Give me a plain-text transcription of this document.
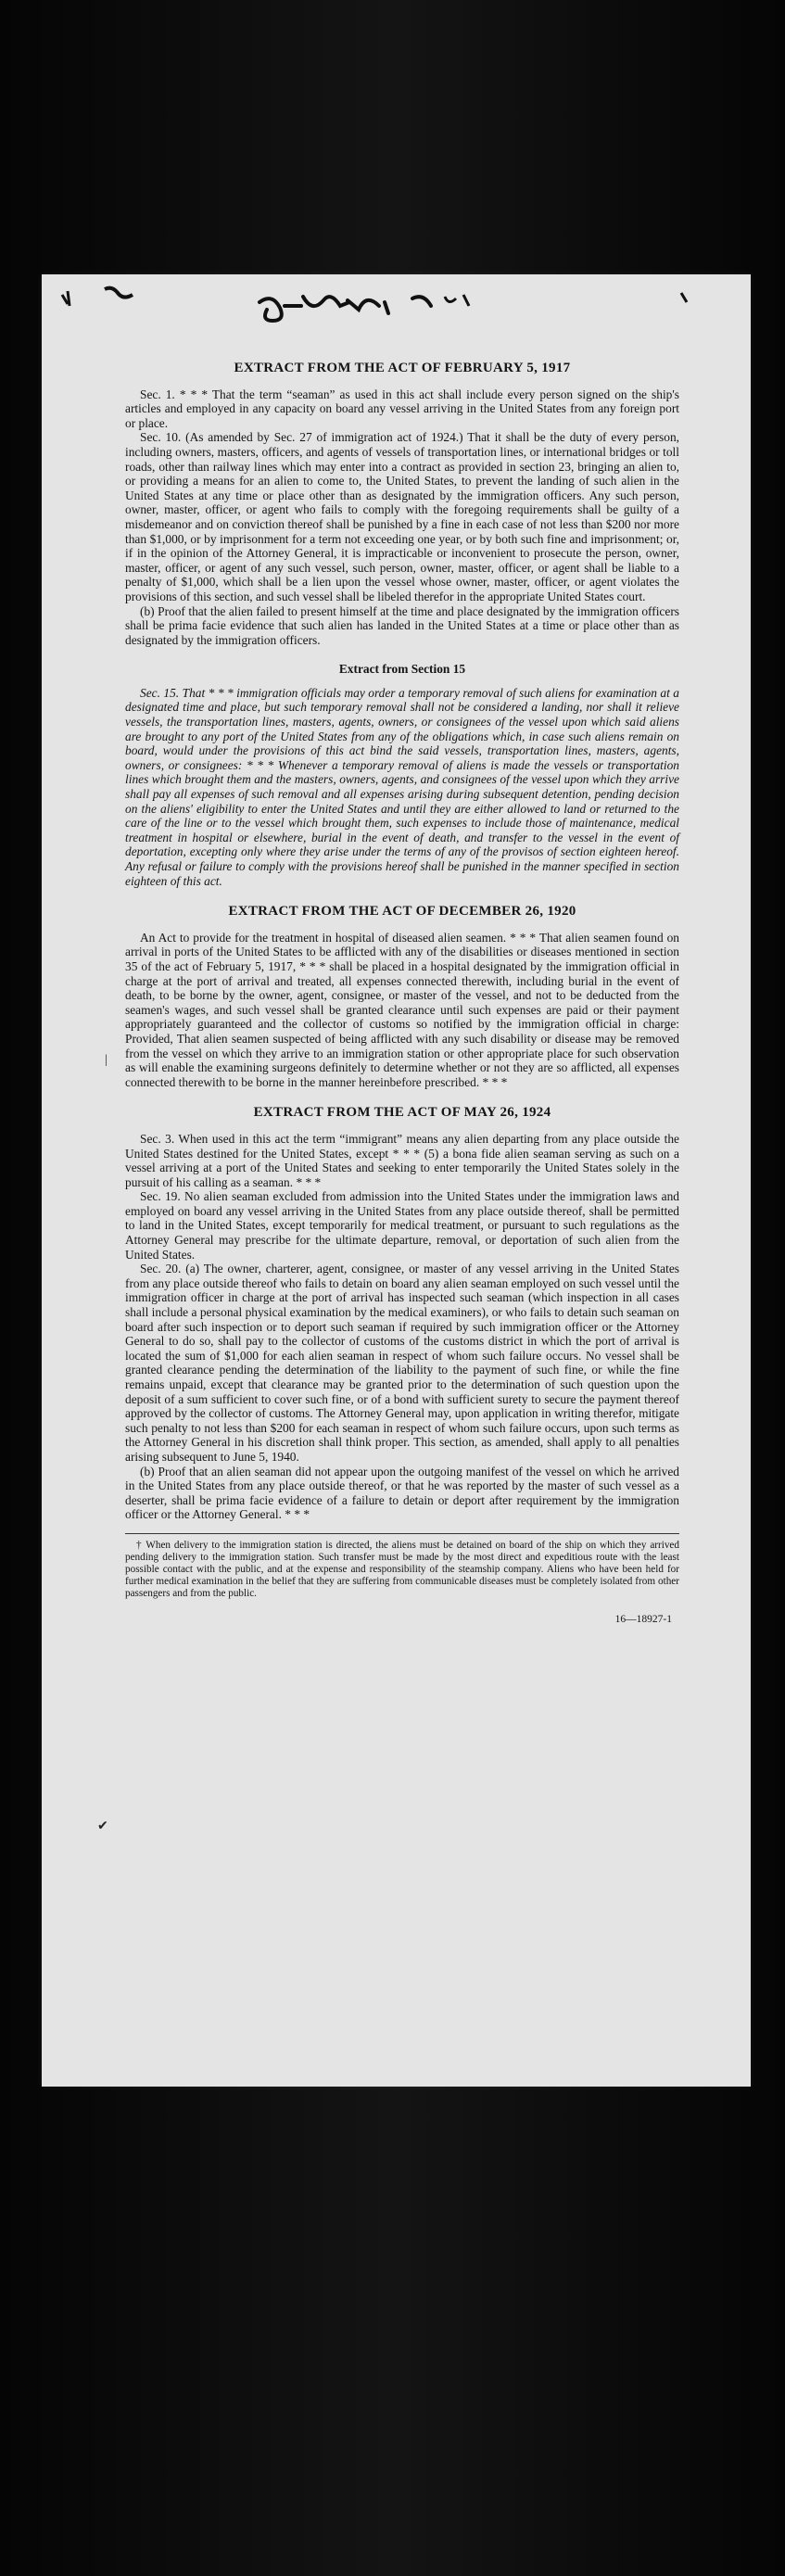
|
✔
EXTRACT FROM THE ACT OF FEBRUARY 5, 1917

Sec. 1. * * * That the term “seaman” as used in this act shall include every person signed on the ship's articles and employed in any capacity on board any vessel arriving in the United States from any foreign port or place.

Sec. 10. (As amended by Sec. 27 of immigration act of 1924.) That it shall be the duty of every person, including owners, masters, officers, and agents of vessels of transportation lines, or international bridges or toll roads, other than railway lines which may enter into a contract as provided in section 23, bringing an alien to, or providing a means for an alien to come to, the United States, to prevent the landing of such alien in the United States at any time or place other than as designated by the immigration officers. Any such person, owner, master, officer, or agent who fails to comply with the foregoing requirements shall be guilty of a misdemeanor and on conviction thereof shall be punished by a fine in each case of not less than $200 nor more than $1,000, or by imprisonment for a term not exceeding one year, or by both such fine and imprisonment; or, if in the opinion of the Attorney General, it is impracticable or inconvenient to prosecute the person, owner, master, officer, or agent of any such vessel, such person, owner, master, officer, or agent shall be liable to a penalty of $1,000, which shall be a lien upon the vessel whose owner, master, officer, or agent violates the provisions of this section, and such vessel shall be libeled therefor in the appropriate United States court.

(b) Proof that the alien failed to present himself at the time and place designated by the immigration officers shall be prima facie evidence that such alien has landed in the United States at a time or place other than as designated by the immigration officers.

Extract from Section 15

Sec. 15. That * * * immigration officials may order a temporary removal of such aliens for examination at a designated time and place, but such temporary removal shall not be considered a landing, nor shall it relieve vessels, the transportation lines, masters, agents, owners, or consignees of the vessel upon which said aliens are brought to any port of the United States from any of the obligations which, in case such aliens remain on board, would under the provisions of this act bind the said vessels, transportation lines, masters, agents, owners, or consignees: * * * Whenever a temporary removal of aliens is made the vessels or transportation lines which brought them and the masters, owners, agents, and consignees of the vessel upon which they arrive shall pay all expenses of such removal and all expenses arising during subsequent detention, pending decision on the aliens' eligibility to enter the United States and until they are either allowed to land or returned to the care of the line or to the vessel which brought them, such expenses to include those of maintenance, medical treatment in hospital or elsewhere, burial in the event of death, and transfer to the vessel in the event of deportation, excepting only where they arise under the terms of any of the provisos of section eighteen hereof. Any refusal or failure to comply with the provisions hereof shall be punished in the manner specified in section eighteen of this act.

EXTRACT FROM THE ACT OF DECEMBER 26, 1920

An Act to provide for the treatment in hospital of diseased alien seamen. * * * That alien seamen found on arrival in ports of the United States to be afflicted with any of the disabilities or diseases mentioned in section 35 of the act of February 5, 1917, * * * shall be placed in a hospital designated by the immigration official in charge at the port of arrival and treated, all expenses connected therewith, including burial in the event of death, to be borne by the owner, agent, consignee, or master of the vessel, and not to be deducted from the seamen's wages, and such vessel shall be granted clearance until such expenses are paid or their payment appropriately guaranteed and the collector of customs so notified by the immigration official in charge: Provided, That alien seamen suspected of being afflicted with any such disability or disease may be removed from the vessel on which they arrive to an immigration station or other appropriate place for such observation as will enable the examining surgeons definitely to determine whether or not they are so afflicted, all expenses connected therewith to be borne in the manner hereinbefore prescribed. * * *

EXTRACT FROM THE ACT OF MAY 26, 1924

Sec. 3. When used in this act the term “immigrant” means any alien departing from any place outside the United States destined for the United States, except * * * (5) a bona fide alien seaman serving as such on a vessel arriving at a port of the United States and seeking to enter temporarily the United States solely in the pursuit of his calling as a seaman. * * *

Sec. 19. No alien seaman excluded from admission into the United States under the immigration laws and employed on board any vessel arriving in the United States from any place outside thereof, shall be permitted to land in the United States, except temporarily for medical treatment, or pursuant to such regulations as the Attorney General may prescribe for the ultimate departure, removal, or deportation of such alien from the United States.

Sec. 20. (a) The owner, charterer, agent, consignee, or master of any vessel arriving in the United States from any place outside thereof who fails to detain on board any alien seaman employed on such vessel until the immigration officer in charge at the port of arrival has inspected such seaman (which inspection in all cases shall include a personal physical examination by the medical examiners), or who fails to detain such seaman on board after such inspection or to deport such seaman if required by such immigration officer or the Attorney General to do so, shall pay to the collector of customs of the customs district in which the port of arrival is located the sum of $1,000 for each alien seaman in respect of whom such failure occurs. No vessel shall be granted clearance pending the determination of the liability to the payment of such fine, or while the fine remains unpaid, except that clearance may be granted prior to the determination of such question upon the deposit of a sum sufficient to cover such fine, or of a bond with sufficient surety to secure the payment thereof approved by the collector of customs. The Attorney General may, upon application in writing therefor, mitigate such penalty to not less than $200 for each seaman in respect of whom such failure occurs, upon such terms as the Attorney General in his discretion shall think proper. This section, as amended, shall apply to all penalties arising subsequent to June 5, 1940.

(b) Proof that an alien seaman did not appear upon the outgoing manifest of the vessel on which he arrived in the United States from any place outside thereof, or that he was reported by the master of such vessel as a deserter, shall be prima facie evidence of a failure to detain or deport after requirement by the immigration officer or the Attorney General. * * *

† When delivery to the immigration station is directed, the aliens must be detained on board of the ship on which they arrived pending delivery to the immigration station. Such transfer must be made by the most direct and expeditious route with the least possible contact with the public, and at the expense and responsibility of the steamship company. Aliens who have been held for further medical examination in the belief that they are suffering from communicable diseases must be completely isolated from other passengers and from the public.

16—18927-1
